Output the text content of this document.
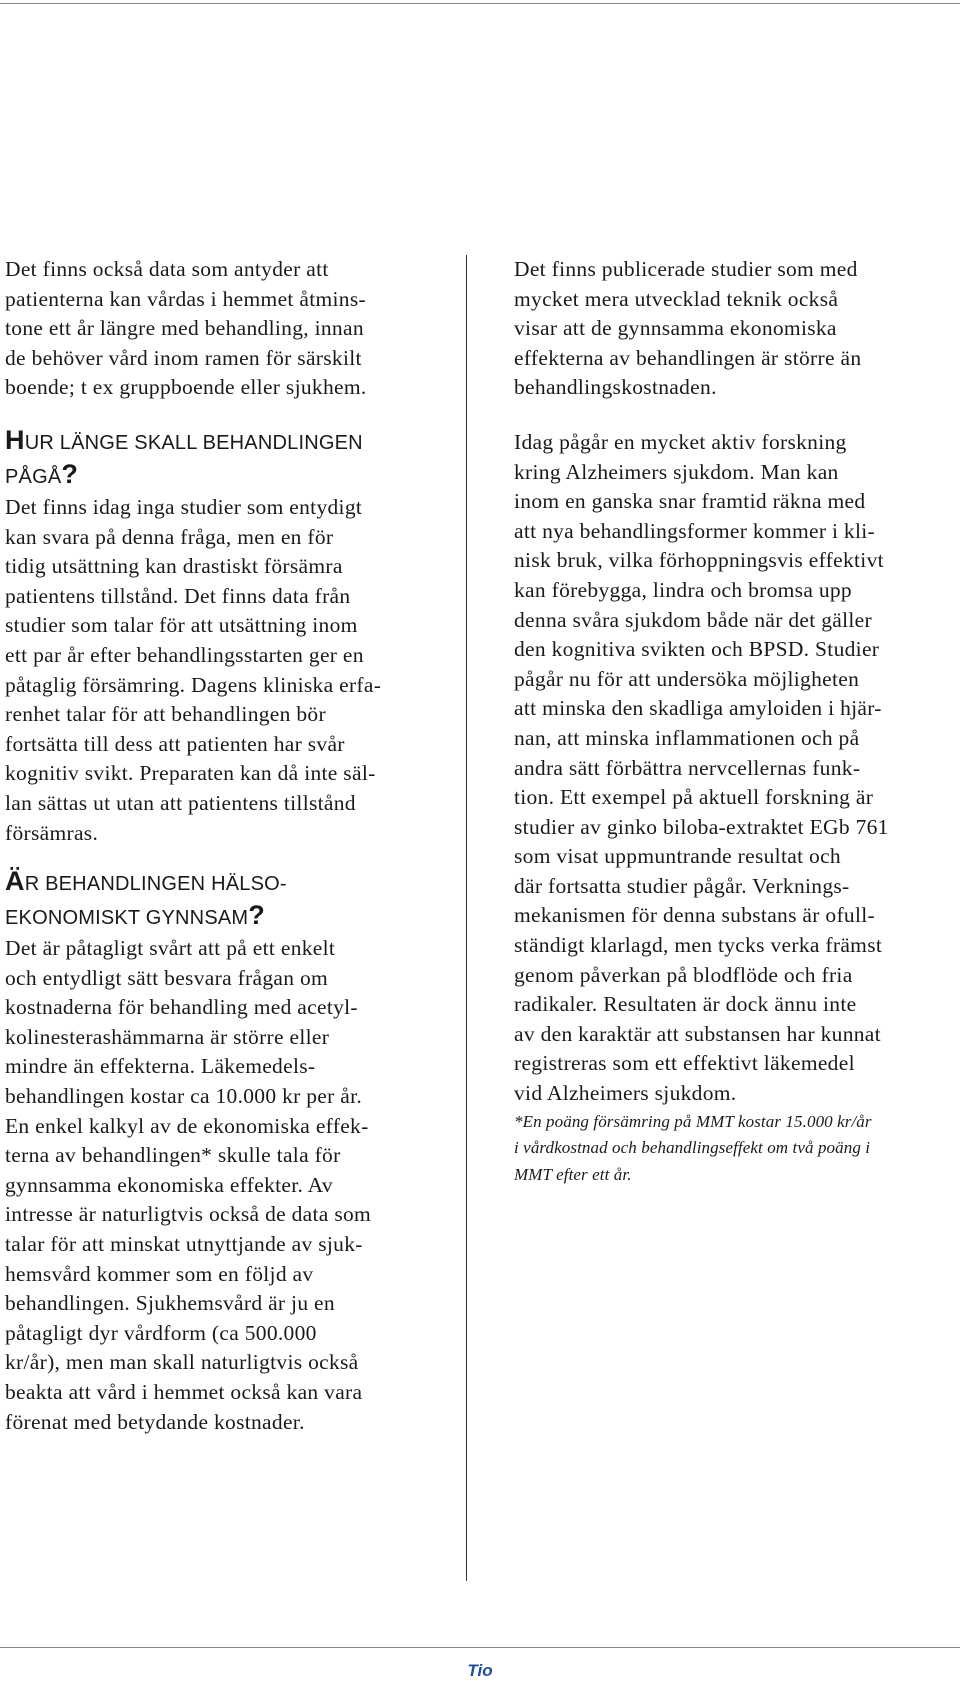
Det finns också data som antyder att
patienterna kan vårdas i hemmet åtmins-
tone ett år längre med behandling, innan
de behöver vård inom ramen för särskilt
boende; t ex gruppboende eller sjukhem.

HUR LÄNGE SKALL BEHANDLINGEN
PÅGÅ?

Det finns idag inga studier som entydigt
kan svara på denna fråga, men en för
tidig utsättning kan drastiskt försämra
patientens tillstånd. Det finns data från
studier som talar för att utsättning inom
ett par år efter behandlingsstarten ger en
påtaglig försämring. Dagens kliniska erfa-
renhet talar för att behandlingen bör
fortsätta till dess att patienten har svår
kognitiv svikt. Preparaten kan då inte säl-
lan sättas ut utan att patientens tillstånd
försämras.

ÄR BEHANDLINGEN HÄLSO-
EKONOMISKT GYNNSAM?

Det är påtagligt svårt att på ett enkelt
och entydligt sätt besvara frågan om
kostnaderna för behandling med acetyl-
kolinesterashämmarna är större eller
mindre än effekterna. Läkemedels-
behandlingen kostar ca 10.000 kr per år.
En enkel kalkyl av de ekonomiska effek-
terna av behandlingen* skulle tala för
gynnsamma ekonomiska effekter. Av
intresse är naturligtvis också de data som
talar för att minskat utnyttjande av sjuk-
hemsvård kommer som en följd av
behandlingen. Sjukhemsvård är ju en
påtagligt dyr vårdform (ca 500.000
kr/år), men man skall naturligtvis också
beakta att vård i hemmet också kan vara
förenat med betydande kostnader.

Det finns publicerade studier som med
mycket mera utvecklad teknik också
visar att de gynnsamma ekonomiska
effekterna av behandlingen är större än
behandlingskostnaden.

Idag pågår en mycket aktiv forskning
kring Alzheimers sjukdom. Man kan
inom en ganska snar framtid räkna med
att nya behandlingsformer kommer i kli-
nisk bruk, vilka förhoppningsvis effektivt
kan förebygga, lindra och bromsa upp
denna svåra sjukdom både när det gäller
den kognitiva svikten och BPSD. Studier
pågår nu för att undersöka möjligheten
att minska den skadliga amyloiden i hjär-
nan, att minska inflammationen och på
andra sätt förbättra nervcellernas funk-
tion. Ett exempel på aktuell forskning är
studier av ginko biloba-extraktet EGb 761
som visat uppmuntrande resultat och
där fortsatta studier pågår. Verknings-
mekanismen för denna substans är ofull-
ständigt klarlagd, men tycks verka främst
genom påverkan på blodflöde och fria
radikaler. Resultaten är dock ännu inte
av den karaktär att substansen har kunnat
registreras som ett effektivt läkemedel
vid Alzheimers sjukdom.

*En poäng försämring på MMT kostar 15.000 kr/år
i vårdkostnad och behandlingseffekt om två poäng i
MMT efter ett år.

Tio
